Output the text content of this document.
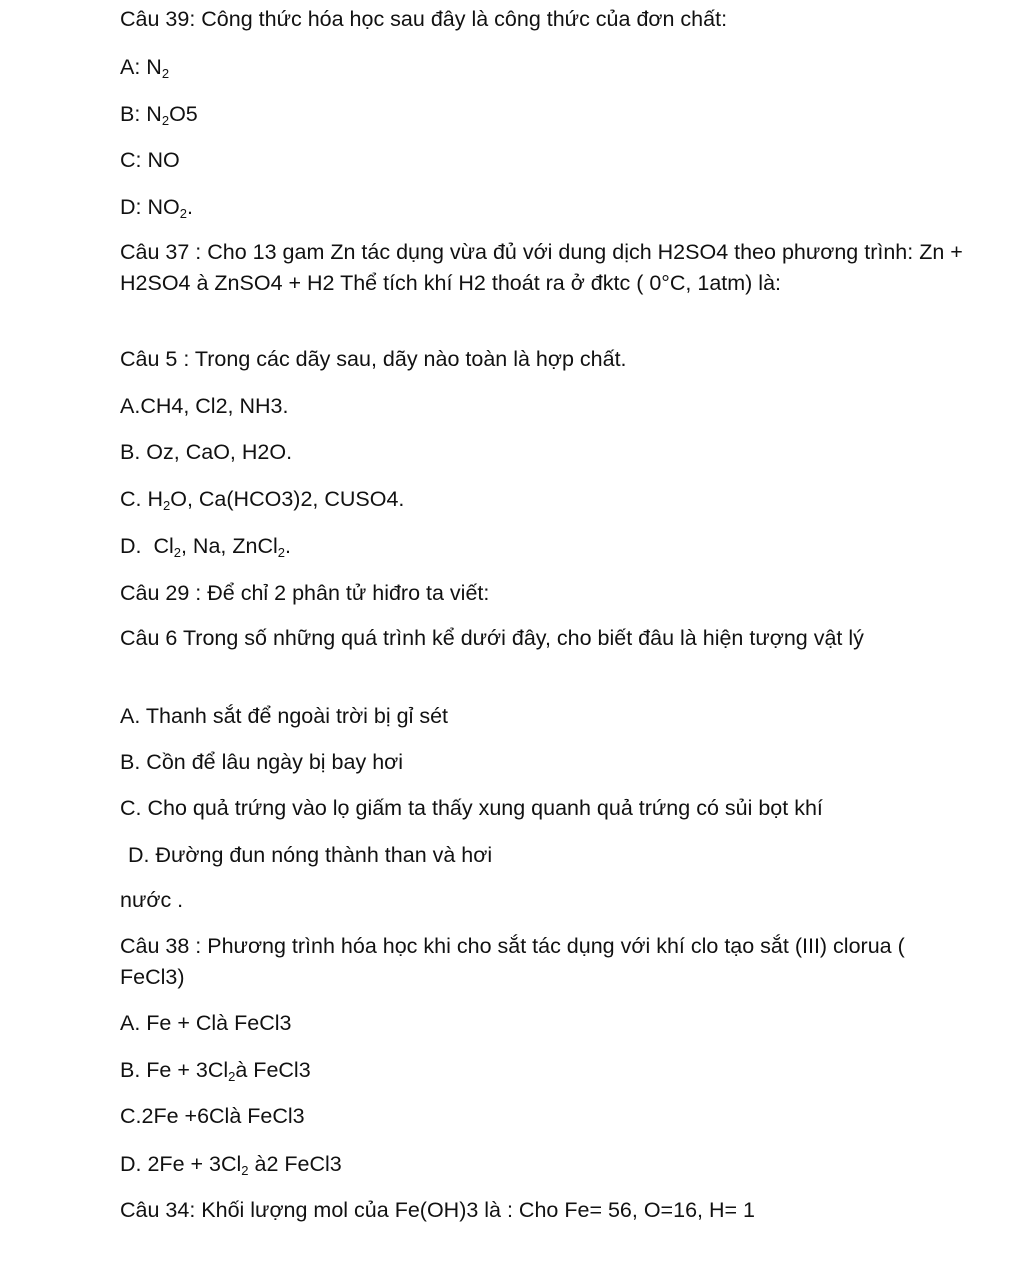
Câu 39: Công thức hóa học sau đây là công thức của đơn chất:

A: $N_2$

B: $N_2O5$

C: NO

D: $NO_2$.

Câu 37 : Cho 13 gam Zn tác dụng vừa đủ với dung dịch H2SO4 theo phương trình: Zn + H2SO4 à ZnSO4 + H2 Thể tích khí H2 thoát ra ở đktc ( 0°C, 1atm) là:

Câu 5 : Trong các dãy sau, dãy nào toàn là hợp chất.

A.CH4, Cl2, NH3.

B. Oz, CaO, H2O.

C. $H_2O$, Ca(HCO3)2, CUSO4.

D.  $Cl_2$, Na, ZnCl$_2$.

Câu 29 : Để chỉ 2 phân tử hiđro ta viết:

Câu 6 Trong số những quá trình kể dưới đây, cho biết đâu là hiện tượng vật lý

A. Thanh sắt để ngoài trời bị gỉ sét

B. Cồn để lâu ngày bị bay hơi

C. Cho quả trứng vào lọ giấm ta thấy xung quanh quả trứng có sủi bọt khí

D. Đường đun nóng thành than và hơi

nước .

Câu 38 : Phương trình hóa học khi cho sắt tác dụng với khí clo tạo sắt (III) clorua ( FeCl3)

A. Fe + Clà FeCl3

B. $Fe + 3Cl_2à$ FeCl3

C.2Fe +6Clà FeCl3

D. $2Fe + 3Cl_2$ à2 FeCl3

Câu 34: Khối lượng mol của Fe(OH)3 là : Cho Fe= 56, O=16, H= 1
